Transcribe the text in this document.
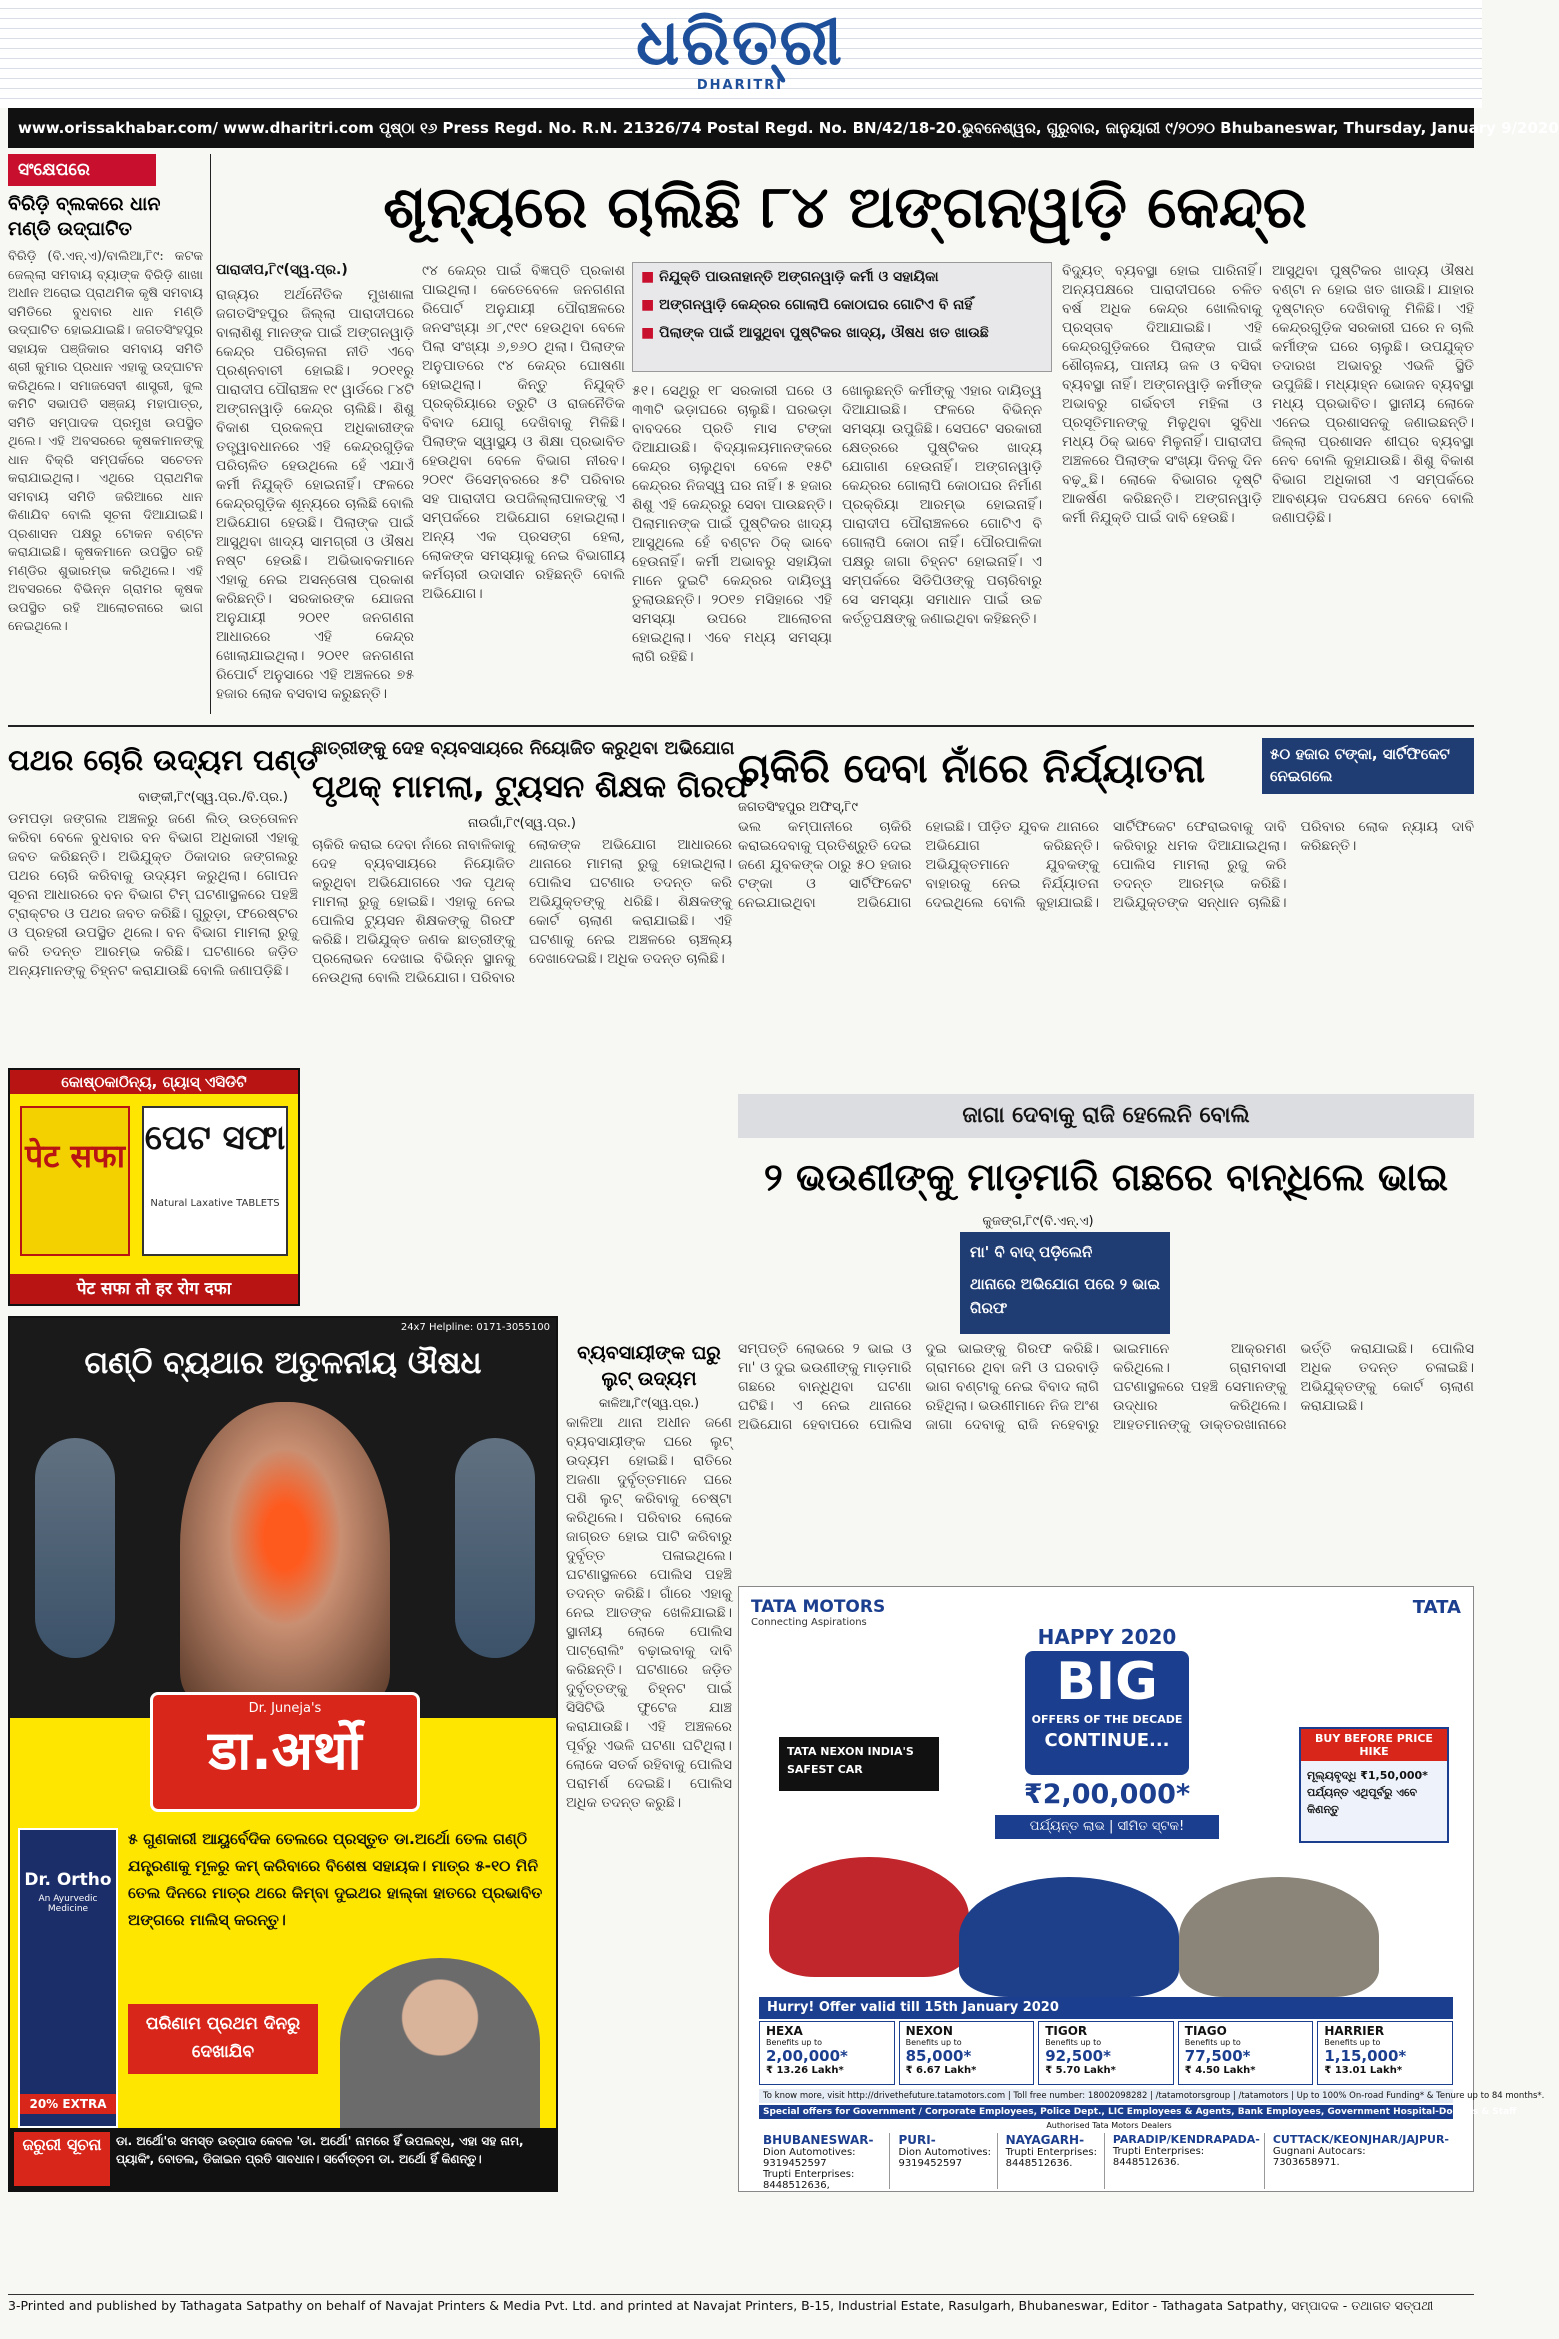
ଧରିତ୍ରୀ
DHARITRI
www.orissakhabar.com/ www.dharitri.com ପୃଷ୍ଠା ୧୬ Press Regd. No. R.N. 21326/74 Postal Regd. No. BN/42/18-20. ଭୁବନେଶ୍ୱର, ଗୁରୁବାର, ଜାନୁୟାରୀ ୯/୨୦୨୦ Bhubaneswar, Thursday, January 9/2020
ସଂକ୍ଷେପରେ
ବିରିଡ଼ି ବ୍ଲକରେ ଧାନ ମଣ୍ଡି ଉଦ୍‌ଘାଟିତ
ବିରିଡ଼ି (ବି.ଏନ୍.ଏ)/ବାଲିଆ,୮ି୯: କଟକ ଜେଲ୍ଲା ସମବାୟ ବ୍ୟାଙ୍କ ବିରିଡ଼ି ଶାଖା ଅଧୀନ ଅରୋଇ ପ୍ରାଥମିକ କୃଷି ସମବାୟ ସମିତିରେ ବୁଧବାର ଧାନ ମଣ୍ଡି ଉଦ୍‌ଘାଟିତ ହୋଇଯାଇଛି। ଜଗତସିଂହପୁର ସହାୟକ ପଞ୍ଜିକାର ସମବାୟ ସମିତି ଶ୍ରୀ କୁମାର ପ୍ରଧାନ ଏହାକୁ ଉଦ୍‌ଘାଟନ କରିଥିଲେ। ସମାଜସେବୀ ଶାସ୍ତ୍ରୀ, ଜୁଲ କମିଟି ସଭାପତି ସଞ୍ଜୟ ମହାପାତ୍ର, ସମିତି ସମ୍ପାଦକ ପ୍ରମୁଖ ଉପସ୍ଥିତ ଥିଲେ। ଏହି ଅବସରରେ କୃଷକମାନଙ୍କୁ ଧାନ ବିକ୍ରି ସମ୍ପର୍କରେ ସଚେତନ କରାଯାଇଥିଲା। ଏଥିରେ ପ୍ରାଥମିକ ସମବାୟ ସମିତି ଜରିଆରେ ଧାନ କିଣାଯିବ ବୋଲି ସୂଚନା ଦିଆଯାଇଛି। ପ୍ରଶାସନ ପକ୍ଷରୁ ଟୋକନ ବଣ୍ଟନ କରାଯାଇଛି। କୃଷକମାନେ ଉପସ୍ଥିତ ରହି ମଣ୍ଡିର ଶୁଭାରମ୍ଭ କରିଥିଲେ। ଏହି ଅବସରରେ ବିଭିନ୍ନ ଗ୍ରାମର କୃଷକ ଉପସ୍ଥିତ ରହି ଆଲୋଚନାରେ ଭାଗ ନେଇଥିଲେ।
ଶୂନ୍ୟରେ ଚାଲିଛି ୮୪ ଅଙ୍ଗନୱାଡ଼ି କେନ୍ଦ୍ର
ପାରାଦୀପ,୮ି୯(ସ୍ୱ.ପ୍ର.)
■	ନିଯୁକ୍ତି ପାଉନାହାନ୍ତି ଅଙ୍ଗନୱାଡ଼ି କର୍ମୀ ଓ ସହାୟିକା
■ ଅଙ୍ଗନୱାଡ଼ି କେନ୍ଦ୍ରର ଗୋଲାପି କୋଠାଘର ଗୋଟିଏ ବି ନାହିଁ
■ ପିଲାଙ୍କ ପାଇଁ ଆସୁଥିବା ପୁଷ୍ଟିକର ଖାଦ୍ୟ, ଔଷଧ ଖତ ଖାଉଛି
ରାଜ୍ୟର ଅର୍ଥନୈତିକ ମୁଖଶାଳା ଜଗତସିଂହପୁର ଜିଲ୍ଲା ପାରାଦୀପରେ ବାଲାଶିଶୁ ମାନଙ୍କ ପାଇଁ ଅଙ୍ଗନୱାଡ଼ି କେନ୍ଦ୍ର ପରିଚାଳନା ନୀତି ଏବେ ପ୍ରଶ୍ନବାଚୀ ହୋଇଛି। ୨୦୧୧ରୁ ପାରାଦୀପ ପୌରାଞ୍ଚଳ ୧୯ ୱାର୍ଡରେ ୮୪ଟି ଅଙ୍ଗନୱାଡ଼ି କେନ୍ଦ୍ର ଚାଲିଛି। ଶିଶୁ ବିକାଶ ପ୍ରକଳ୍ପ ଅଧିକାରୀଙ୍କ ତତ୍ତ୍ୱାବଧାନରେ ଏହି କେନ୍ଦ୍ରଗୁଡ଼ିକ ପରିଚାଳିତ ହେଉଥିଲେ ହେଁ ଏଯାଏଁ କର୍ମୀ ନିଯୁକ୍ତି ହୋଇନାହିଁ। ଫଳରେ କେନ୍ଦ୍ରଗୁଡ଼ିକ ଶୂନ୍ୟରେ ଚାଲିଛି ବୋଲି ଅଭିଯୋଗ ହେଉଛି। ପିଲାଙ୍କ ପାଇଁ ଆସୁଥିବା ଖାଦ୍ୟ ସାମଗ୍ରୀ ଓ ଔଷଧ ନଷ୍ଟ ହେଉଛି। ଅଭିଭାବକମାନେ ଏହାକୁ ନେଇ ଅସନ୍ତୋଷ ପ୍ରକାଶ କରିଛନ୍ତି। ସରକାରଙ୍କ ଯୋଜନା ଅନୁଯାୟୀ ୨୦୧୧ ଜନଗଣନା ଆଧାରରେ ଏହି କେନ୍ଦ୍ର ଖୋଲାଯାଇଥିଲା। ୨୦୧୧ ଜନଗଣନା ରିପୋର୍ଟ ଅନୁସାରେ ଏହି ଅଞ୍ଚଳରେ ୭୫ ହଜାର ଲୋକ ବସବାସ କରୁଛନ୍ତି।
୯୪ କେନ୍ଦ୍ର ପାଇଁ ବିଜ୍ଞପ୍ତି ପ୍ରକାଶ ପାଇଥିଲା। କେତେବେଳେ ଜନଗଣନା ରିପୋର୍ଟ ଅନୁଯାୟୀ ପୌରାଞ୍ଚଳରେ ଜନସଂଖ୍ୟା ୬୮,୯୧୯ ହେଉଥିବା ବେଳେ ପିଲା ସଂଖ୍ୟା ୬,୭୬୦ ଥିଲା। ପିଲାଙ୍କ ଅନୁପାତରେ ୯୪ କେନ୍ଦ୍ର ଘୋଷଣା ହୋଇଥିଲା। କିନ୍ତୁ ନିଯୁକ୍ତି ପ୍ରକ୍ରିୟାରେ ତ୍ରୁଟି ଓ ରାଜନୈତିକ ବିବାଦ ଯୋଗୁ ଦେଖିବାକୁ ମିଳିଛି। ପିଲାଙ୍କ ସ୍ୱାସ୍ଥ୍ୟ ଓ ଶିକ୍ଷା ପ୍ରଭାବିତ ହେଉଥିବା ବେଳେ ବିଭାଗ ନୀରବ। ୨୦୧୯ ଡିସେମ୍ବରରେ ୫ଟି ପରିବାର ସହ ପାରାଦୀପ ଉପଜିଲ୍ଲାପାଳଙ୍କୁ ଏ ସମ୍ପର୍କରେ ଅଭିଯୋଗ ହୋଇଥିଲା। ଅନ୍ୟ ଏକ ପ୍ରସଙ୍ଗ ହେଲା, ଲୋକଙ୍କ ସମସ୍ୟାକୁ ନେଇ ବିଭାଗୀୟ କର୍ମଚାରୀ ଉଦାସୀନ ରହିଛନ୍ତି ବୋଲି ଅଭିଯୋଗ।
୫୧। ସେଥିରୁ ୧୮ ସରକାରୀ ଘରେ ଓ ୩୩ଟି ଭଡ଼ାଘରେ ଚାଲୁଛି। ଘରଭଡ଼ା ବାବଦରେ ପ୍ରତି ମାସ ଟଙ୍କା ଦିଆଯାଉଛି। ବିଦ୍ୟାଳୟମାନଙ୍କରେ କେନ୍ଦ୍ର ଚାଲୁଥିବା ବେଳେ ୧୫ଟି କେନ୍ଦ୍ରର ନିଜସ୍ୱ ଘର ନାହିଁ। ୫ ହଜାର ଶିଶୁ ଏହି କେନ୍ଦ୍ରରୁ ସେବା ପାଉଛନ୍ତି। ପିଲାମାନଙ୍କ ପାଇଁ ପୁଷ୍ଟିକର ଖାଦ୍ୟ ଆସୁଥିଲେ ହେଁ ବଣ୍ଟନ ଠିକ୍ ଭାବେ ହେଉନାହିଁ। କର୍ମୀ ଅଭାବରୁ ସହାୟିକା ମାନେ ଦୁଇଟି କେନ୍ଦ୍ରର ଦାୟିତ୍ୱ ତୁଲାଉଛନ୍ତି। ୨୦୧୭ ମସିହାରେ ଏହି ସମସ୍ୟା ଉପରେ ଆଲୋଚନା ହୋଇଥିଲା। ଏବେ ମଧ୍ୟ ସମସ୍ୟା ଲାଗି ରହିଛି।
ଖୋଲୁଛନ୍ତି କର୍ମୀଙ୍କୁ ଏହାର ଦାୟିତ୍ୱ ଦିଆଯାଇଛି। ଫଳରେ ବିଭିନ୍ନ ସମସ୍ୟା ଉପୁଜିଛି। ସେପଟେ ସରକାରୀ କ୍ଷେତ୍ରରେ ପୁଷ୍ଟିକର ଖାଦ୍ୟ ଯୋଗାଣ ହେଉନାହିଁ। ଅଙ୍ଗନୱାଡ଼ି କେନ୍ଦ୍ରର ଗୋଲାପି କୋଠାଘର ନିର୍ମାଣ ପ୍ରକ୍ରିୟା ଆରମ୍ଭ ହୋଇନାହିଁ। ପାରାଦୀପ ପୌରାଞ୍ଚଳରେ ଗୋଟିଏ ବି ଗୋଲାପି କୋଠା ନାହିଁ। ପୌରପାଳିକା ପକ୍ଷରୁ ଜାଗା ଚିହ୍ନଟ ହୋଇନାହିଁ। ଏ ସମ୍ପର୍କରେ ସିଡିପିଓଙ୍କୁ ପଚାରିବାରୁ ସେ ସମସ୍ୟା ସମାଧାନ ପାଇଁ ଉଚ୍ଚ କର୍ତ୍ତୃପକ୍ଷଙ୍କୁ ଜଣାଇଥିବା କହିଛନ୍ତି।
ବିଦ୍ୟୁତ୍ ବ୍ୟବସ୍ଥା ହୋଇ ପାରିନାହିଁ। ଅନ୍ୟପକ୍ଷରେ ପାରାଦୀପରେ ଚଳିତ ବର୍ଷ ଅଧିକ କେନ୍ଦ୍ର ଖୋଲିବାକୁ ପ୍ରସ୍ତାବ ଦିଆଯାଇଛି। ଏହି କେନ୍ଦ୍ରଗୁଡ଼ିକରେ ପିଲାଙ୍କ ପାଇଁ ଶୌଚାଳୟ, ପାନୀୟ ଜଳ ଓ ବସିବା ବ୍ୟବସ୍ଥା ନାହିଁ। ଅଙ୍ଗନୱାଡ଼ି କର୍ମୀଙ୍କ ଅଭାବରୁ ଗର୍ଭବତୀ ମହିଳା ଓ ପ୍ରସୂତିମାନଙ୍କୁ ମିଳୁଥିବା ସୁବିଧା ମଧ୍ୟ ଠିକ୍ ଭାବେ ମିଳୁନାହିଁ। ପାରାଦୀପ ଅଞ୍ଚଳରେ ପିଲାଙ୍କ ସଂଖ୍ୟା ଦିନକୁ ଦିନ ବଢ଼ୁଛି। ଲୋକେ ବିଭାଗର ଦୃଷ୍ଟି ଆକର୍ଷଣ କରିଛନ୍ତି। ଅଙ୍ଗନୱାଡ଼ି କର୍ମୀ ନିଯୁକ୍ତି ପାଇଁ ଦାବି ହେଉଛି।
ଆସୁଥିବା ପୁଷ୍ଟିକର ଖାଦ୍ୟ ଔଷଧ ବଣ୍ଟା ନ ହୋଇ ଖତ ଖାଉଛି। ଯାହାର ଦୃଷ୍ଟାନ୍ତ ଦେଖିବାକୁ ମିଳିଛି। ଏହି କେନ୍ଦ୍ରଗୁଡ଼ିକ ସରକାରୀ ଘରେ ନ ଚାଲି କର୍ମୀଙ୍କ ଘରେ ଚାଲୁଛି। ଉପଯୁକ୍ତ ତଦାରଖ ଅଭାବରୁ ଏଭଳି ସ୍ଥିତି ଉପୁଜିଛି। ମଧ୍ୟାହ୍ନ ଭୋଜନ ବ୍ୟବସ୍ଥା ମଧ୍ୟ ପ୍ରଭାବିତ। ସ୍ଥାନୀୟ ଲୋକେ ଏନେଇ ପ୍ରଶାସନକୁ ଜଣାଇଛନ୍ତି। ଜିଲ୍ଲା ପ୍ରଶାସନ ଶୀଘ୍ର ବ୍ୟବସ୍ଥା ନେବ ବୋଲି କୁହାଯାଉଛି। ଶିଶୁ ବିକାଶ ବିଭାଗ ଅଧିକାରୀ ଏ ସମ୍ପର୍କରେ ଆବଶ୍ୟକ ପଦକ୍ଷେପ ନେବେ ବୋଲି ଜଣାପଡ଼ିଛି।
ପଥର ଚୋରି ଉଦ୍ୟମ ପଣ୍ଡ
ବାଙ୍କୀ,୮ି୯(ସ୍ୱ.ପ୍ର./ବି.ପ୍ର.)
ଡମପଡ଼ା ଜଙ୍ଗଲ ଅଞ୍ଚଳରୁ ଜଣେ ଲିଡ୍ ଉତ୍ତୋଳନ କରିବା ବେଳେ ବୁଧବାର ବନ ବିଭାଗ ଅଧିକାରୀ ଏହାକୁ ଜବତ କରିଛନ୍ତି। ଅଭିଯୁକ୍ତ ଠିକାଦାର ଜଙ୍ଗଲରୁ ପଥର ଚୋରି କରିବାକୁ ଉଦ୍ୟମ କରୁଥିଲା। ଗୋପନ ସୂଚନା ଆଧାରରେ ବନ ବିଭାଗ ଟିମ୍ ଘଟଣାସ୍ଥଳରେ ପହଞ୍ଚି ଟ୍ରାକ୍ଟର ଓ ପଥର ଜବତ କରିଛି। ଗୁରୁଡ଼ା, ଫରେଷ୍ଟର ଓ ପ୍ରହରୀ ଉପସ୍ଥିତ ଥିଲେ। ବନ ବିଭାଗ ମାମଲା ରୁଜୁ କରି ତଦନ୍ତ ଆରମ୍ଭ କରିଛି। ଘଟଣାରେ ଜଡ଼ିତ ଅନ୍ୟମାନଙ୍କୁ ଚିହ୍ନଟ କରାଯାଉଛି ବୋଲି ଜଣାପଡ଼ିଛି।
କୋଷ୍ଠକାଠିନ୍ୟ, ଗ୍ୟାସ୍ ଏସିଡିଟି
पेट सफा ପେଟ ସଫା
Natural Laxative TABLETS
पेट सफा तो हर रोग दफा
ଛାତ୍ରୀଙ୍କୁ ଦେହ ବ୍ୟବସାୟରେ ନିୟୋଜିତ କରୁଥିବା ଅଭିଯୋଗ
ପୃଥକ୍ ମାମଲା, ଟ୍ୟୁସନ ଶିକ୍ଷକ ଗିରଫ
ନାଉଗାଁ,୮ି୯(ସ୍ୱ.ପ୍ର.)
ଚାକିରି କରାଇ ଦେବା ନାଁରେ ନାବାଳିକାକୁ ଦେହ ବ୍ୟବସାୟରେ ନିୟୋଜିତ କରୁଥିବା ଅଭିଯୋଗରେ ଏକ ପୃଥକ୍ ମାମଲା ରୁଜୁ ହୋଇଛି। ଏହାକୁ ନେଇ ପୋଲିସ ଟ୍ୟୁସନ ଶିକ୍ଷକଙ୍କୁ ଗିରଫ କରିଛି। ଅଭିଯୁକ୍ତ ଜଣକ ଛାତ୍ରୀଙ୍କୁ ପ୍ରଲୋଭନ ଦେଖାଇ ବିଭିନ୍ନ ସ୍ଥାନକୁ ନେଉଥିଲା ବୋଲି ଅଭିଯୋଗ। ପରିବାର ଲୋକଙ୍କ ଅଭିଯୋଗ ଆଧାରରେ ଥାନାରେ ମାମଲା ରୁଜୁ ହୋଇଥିଲା। ପୋଲିସ ଘଟଣାର ତଦନ୍ତ କରି ଅଭିଯୁକ୍ତଙ୍କୁ ଧରିଛି। ଶିକ୍ଷକଙ୍କୁ କୋର୍ଟ ଚାଲାଣ କରାଯାଇଛି। ଏହି ଘଟଣାକୁ ନେଇ ଅଞ୍ଚଳରେ ଚାଞ୍ଚଲ୍ୟ ଦେଖାଦେଇଛି। ଅଧିକ ତଦନ୍ତ ଚାଲିଛି।
ଚାକିରି ଦେବା ନାଁରେ ନିର୍ଯ୍ୟାତନା	୫୦ ହଜାର ଟଙ୍କା, ସାର୍ଟିଫିକେଟ ନେଇଗଲେ
ଜଗତସିଂହପୁର ଅଫିସ୍,୮ି୯
ଭଲ କମ୍ପାନୀରେ ଚାକିରି କରାଇଦେବାକୁ ପ୍ରତିଶ୍ରୁତି ଦେଇ ଜଣେ ଯୁବକଙ୍କ ଠାରୁ ୫୦ ହଜାର ଟଙ୍କା ଓ ସାର୍ଟିଫିକେଟ ନେଇଯାଇଥିବା ଅଭିଯୋଗ ହୋଇଛି। ପୀଡ଼ିତ ଯୁବକ ଥାନାରେ ଅଭିଯୋଗ କରିଛନ୍ତି। ଅଭିଯୁକ୍ତମାନେ ଯୁବକଙ୍କୁ ବାହାରକୁ ନେଇ ନିର୍ଯ୍ୟାତନା ଦେଇଥିଲେ ବୋଲି କୁହାଯାଇଛି। ସାର୍ଟିଫିକେଟ ଫେରାଇବାକୁ ଦାବି କରିବାରୁ ଧମକ ଦିଆଯାଇଥିଲା। ପୋଲିସ ମାମଲା ରୁଜୁ କରି ତଦନ୍ତ ଆରମ୍ଭ କରିଛି। ଅଭିଯୁକ୍ତଙ୍କ ସନ୍ଧାନ ଚାଲିଛି। ପରିବାର ଲୋକ ନ୍ୟାୟ ଦାବି କରିଛନ୍ତି।
ଜାଗା ଦେବାକୁ ରାଜି ହେଲେନି ବୋଲି
୨ ଭଉଣୀଙ୍କୁ ମାଡ଼ମାରି ଗଛରେ ବାନ୍ଧିଲେ ଭାଇ
କୁଜଙ୍ଗ,୮ି୯(ବି.ଏନ୍.ଏ)
ମା' ବି ବାଦ୍ ପଡ଼ିଲେନି
ଥାନାରେ ଅଭିଯୋଗ ପରେ ୨ ଭାଇ ଗିରଫ
ସମ୍ପତ୍ତି ଲୋଭରେ ୨ ଭାଇ ଓ ମା' ଓ ଦୁଇ ଭଉଣୀଙ୍କୁ ମାଡ଼ମାରି ଗଛରେ ବାନ୍ଧିଥିବା ଘଟଣା ଘଟିଛି। ଏ ନେଇ ଥାନାରେ ଅଭିଯୋଗ ହେବାପରେ ପୋଲିସ ଦୁଇ ଭାଇଙ୍କୁ ଗିରଫ କରିଛି। ଗ୍ରାମରେ ଥିବା ଜମି ଓ ଘରବାଡ଼ି ଭାଗ ବଣ୍ଟାକୁ ନେଇ ବିବାଦ ଲାଗି ରହିଥିଲା। ଭଉଣୀମାନେ ନିଜ ଅଂଶ ଜାଗା ଦେବାକୁ ରାଜି ନହେବାରୁ ଭାଇମାନେ ଆକ୍ରମଣ କରିଥିଲେ। ଗ୍ରାମବାସୀ ଘଟଣାସ୍ଥଳରେ ପହଞ୍ଚି ସେମାନଙ୍କୁ ଉଦ୍ଧାର କରିଥିଲେ। ଆହତମାନଙ୍କୁ ଡାକ୍ତରଖାନାରେ ଭର୍ତ୍ତି କରାଯାଇଛି। ପୋଲିସ ଅଧିକ ତଦନ୍ତ ଚଳାଇଛି। ଅଭିଯୁକ୍ତଙ୍କୁ କୋର୍ଟ ଚାଲାଣ କରାଯାଇଛି।
24x7 Helpline: 0171-3055100
ଗଣ୍ଠି ବ୍ୟଥାର ଅତୁଳନୀୟ ଔଷଧ
Dr. Juneja's
डा.अर्थो
Dr. Ortho
An Ayurvedic Medicine
20% EXTRA
୫ ଗୁଣକାରୀ ଆୟୁର୍ବେଦିକ ତେଲରେ ପ୍ରସ୍ତୁତ ଡା.ଅର୍ଥୋ ତେଲ ଗଣ୍ଠି ଯନ୍ତ୍ରଣାକୁ ମୂଳରୁ କମ୍ କରିବାରେ ବିଶେଷ ସହାୟକ। ମାତ୍ର ୫-୧୦ ମିନି ତେଲ ଦିନରେ ମାତ୍ର ଥରେ କିମ୍ବା ଦୁଇଥର ହାଲ୍‌କା ହାତରେ ପ୍ରଭାବିତ ଅଙ୍ଗରେ ମାଲିସ୍ କରନ୍ତୁ।
ପରିଣାମ ପ୍ରଥମ ଦିନରୁ ଦେଖାଯିବ
ଜରୁରୀ ସୂଚନା	ଡା. ଅର୍ଥୋ'ର ସମସ୍ତ ଉତ୍ପାଦ କେବଳ 'ଡା. ଅର୍ଥୋ' ନାମରେ ହିଁ ଉପଲବ୍ଧ, ଏହା ସହ ନାମ, ପ୍ୟାକିଂ, ବୋତଲ, ଡିଜାଇନ ପ୍ରତି ସାବଧାନ। ସର୍ବୋତ୍ତମ ଡା. ଅର୍ଥୋ ହିଁ କିଣନ୍ତୁ।
ବ୍ୟବସାୟୀଙ୍କ ଘରୁ ଲୁଟ୍ ଉଦ୍ୟମ
କାଳିଆ,୮ି୯(ସ୍ୱ.ପ୍ର.)
କାଳିଆ ଥାନା ଅଧୀନ ଜଣେ ବ୍ୟବସାୟୀଙ୍କ ଘରେ ଲୁଟ୍ ଉଦ୍ୟମ ହୋଇଛି। ରାତିରେ ଅଜଣା ଦୁର୍ବୃତ୍ତମାନେ ଘରେ ପଶି ଲୁଟ୍ କରିବାକୁ ଚେଷ୍ଟା କରିଥିଲେ। ପରିବାର ଲୋକେ ଜାଗ୍ରତ ହୋଇ ପାଟି କରିବାରୁ ଦୁର୍ବୃତ୍ତ ପଳାଇଥିଲେ। ଘଟଣାସ୍ଥଳରେ ପୋଲିସ ପହଞ୍ଚି ତଦନ୍ତ କରିଛି। ଗାଁରେ ଏହାକୁ ନେଇ ଆତଙ୍କ ଖେଳିଯାଇଛି। ସ୍ଥାନୀୟ ଲୋକେ ପୋଲିସ ପାଟ୍ରୋଲିଂ ବଢ଼ାଇବାକୁ ଦାବି କରିଛନ୍ତି। ଘଟଣାରେ ଜଡ଼ିତ ଦୁର୍ବୃତ୍ତଙ୍କୁ ଚିହ୍ନଟ ପାଇଁ ସିସିଟିଭି ଫୁଟେଜ ଯାଞ୍ଚ କରାଯାଉଛି। ଏହି ଅଞ୍ଚଳରେ ପୂର୍ବରୁ ଏଭଳି ଘଟଣା ଘଟିଥିଲା। ଲୋକେ ସତର୍କ ରହିବାକୁ ପୋଲିସ ପରାମର୍ଶ ଦେଇଛି। ପୋଲିସ ଅଧିକ ତଦନ୍ତ କରୁଛି।
TATA MOTORS
Connecting Aspirations
TATA
HAPPY 2020
BIG
OFFERS OF THE DECADE
CONTINUE...
₹2,00,000*
ପର୍ଯ୍ୟନ୍ତ ଲାଭ | ସୀମିତ ସ୍ଟକ!
TATA NEXON INDIA'S SAFEST CAR
BUY BEFORE PRICE HIKE
ମୂଲ୍ୟବୃଦ୍ଧି ₹1,50,000* ପର୍ଯ୍ୟନ୍ତ ଏଥିପୂର୍ବରୁ ଏବେ କିଣନ୍ତୁ
Hurry! Offer valid till 15th January 2020
HEXA
Benefits up to
2,00,000*
₹ 13.26 Lakh*
NEXON
Benefits up to
85,000*
₹ 6.67 Lakh*
TIGOR
Benefits up to
92,500*
₹ 5.70 Lakh*
TIAGO
Benefits up to
77,500*
₹ 4.50 Lakh*
HARRIER
Benefits up to
1,15,000*
₹ 13.01 Lakh*
To know more, visit http://drivethefuture.tatamotors.com | Toll free number: 18002098282 | /tatamotorsgroup | /tatamotors | Up to 100% On-road Funding* & Tenure up to 84 months*.
Special offers for Government / Corporate Employees, Police Dept., LIC Employees & Agents, Bank Employees, Government Hospital-Doctors & Staff
Authorised Tata Motors Dealers
BHUBANESWAR-
Dion Automotives: 9319452597
Trupti Enterprises: 8448512636,
PURI-
Dion Automotives:
9319452597
NAYAGARH-
Trupti Enterprises:
8448512636.
PARADIP/KENDRAPADA-
Trupti Enterprises:
8448512636.
CUTTACK/KEONJHAR/JAJPUR-
Gugnani Autocars:
7303658971.
3-Printed and published by Tathagata Satpathy on behalf of Navajat Printers & Media Pvt. Ltd. and printed at Navajat Printers, B-15, Industrial Estate, Rasulgarh, Bhubaneswar, Editor - Tathagata Satpathy, ସମ୍ପାଦକ - ତଥାଗତ ସତ୍ପଥୀ
